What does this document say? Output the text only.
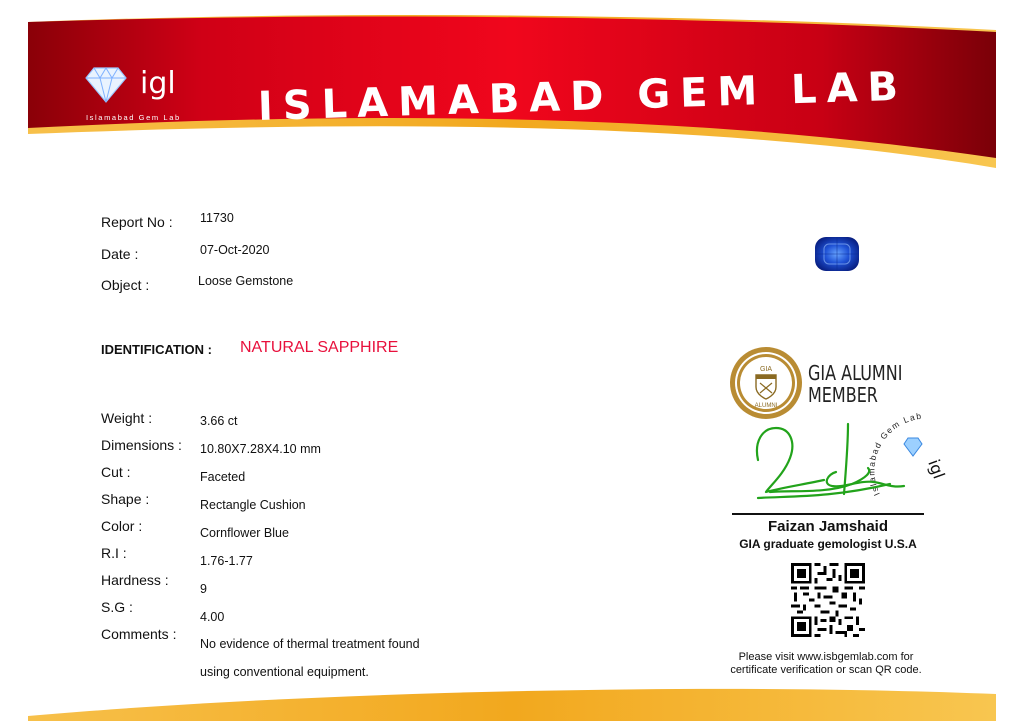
igl
Islamabad Gem Lab ISLAMABAD GEM LAB
Report No : 11730
Date :	07-Oct-2020
Object :	Loose Gemstone
IDENTIFICATION : NATURAL SAPPHIRE
Weight :	3.66 ct
Dimensions : 10.80X7.28X4.10 mm
Cut :	Faceted
Shape :	Rectangle Cushion
Color :	Cornflower Blue
R.I :	1.76-1.77
Hardness :
9
S.G :
4.00
Comments :
No evidence of thermal treatment found
using conventional equipment.
GIA
ALUMNI
GIA ALUMNI
MEMBER
Islamabad Gem Lab
igl
Faizan Jamshaid
GIA graduate gemologist U.S.A
Please visit www.isbgemlab.com for
certificate verification or scan QR code.
